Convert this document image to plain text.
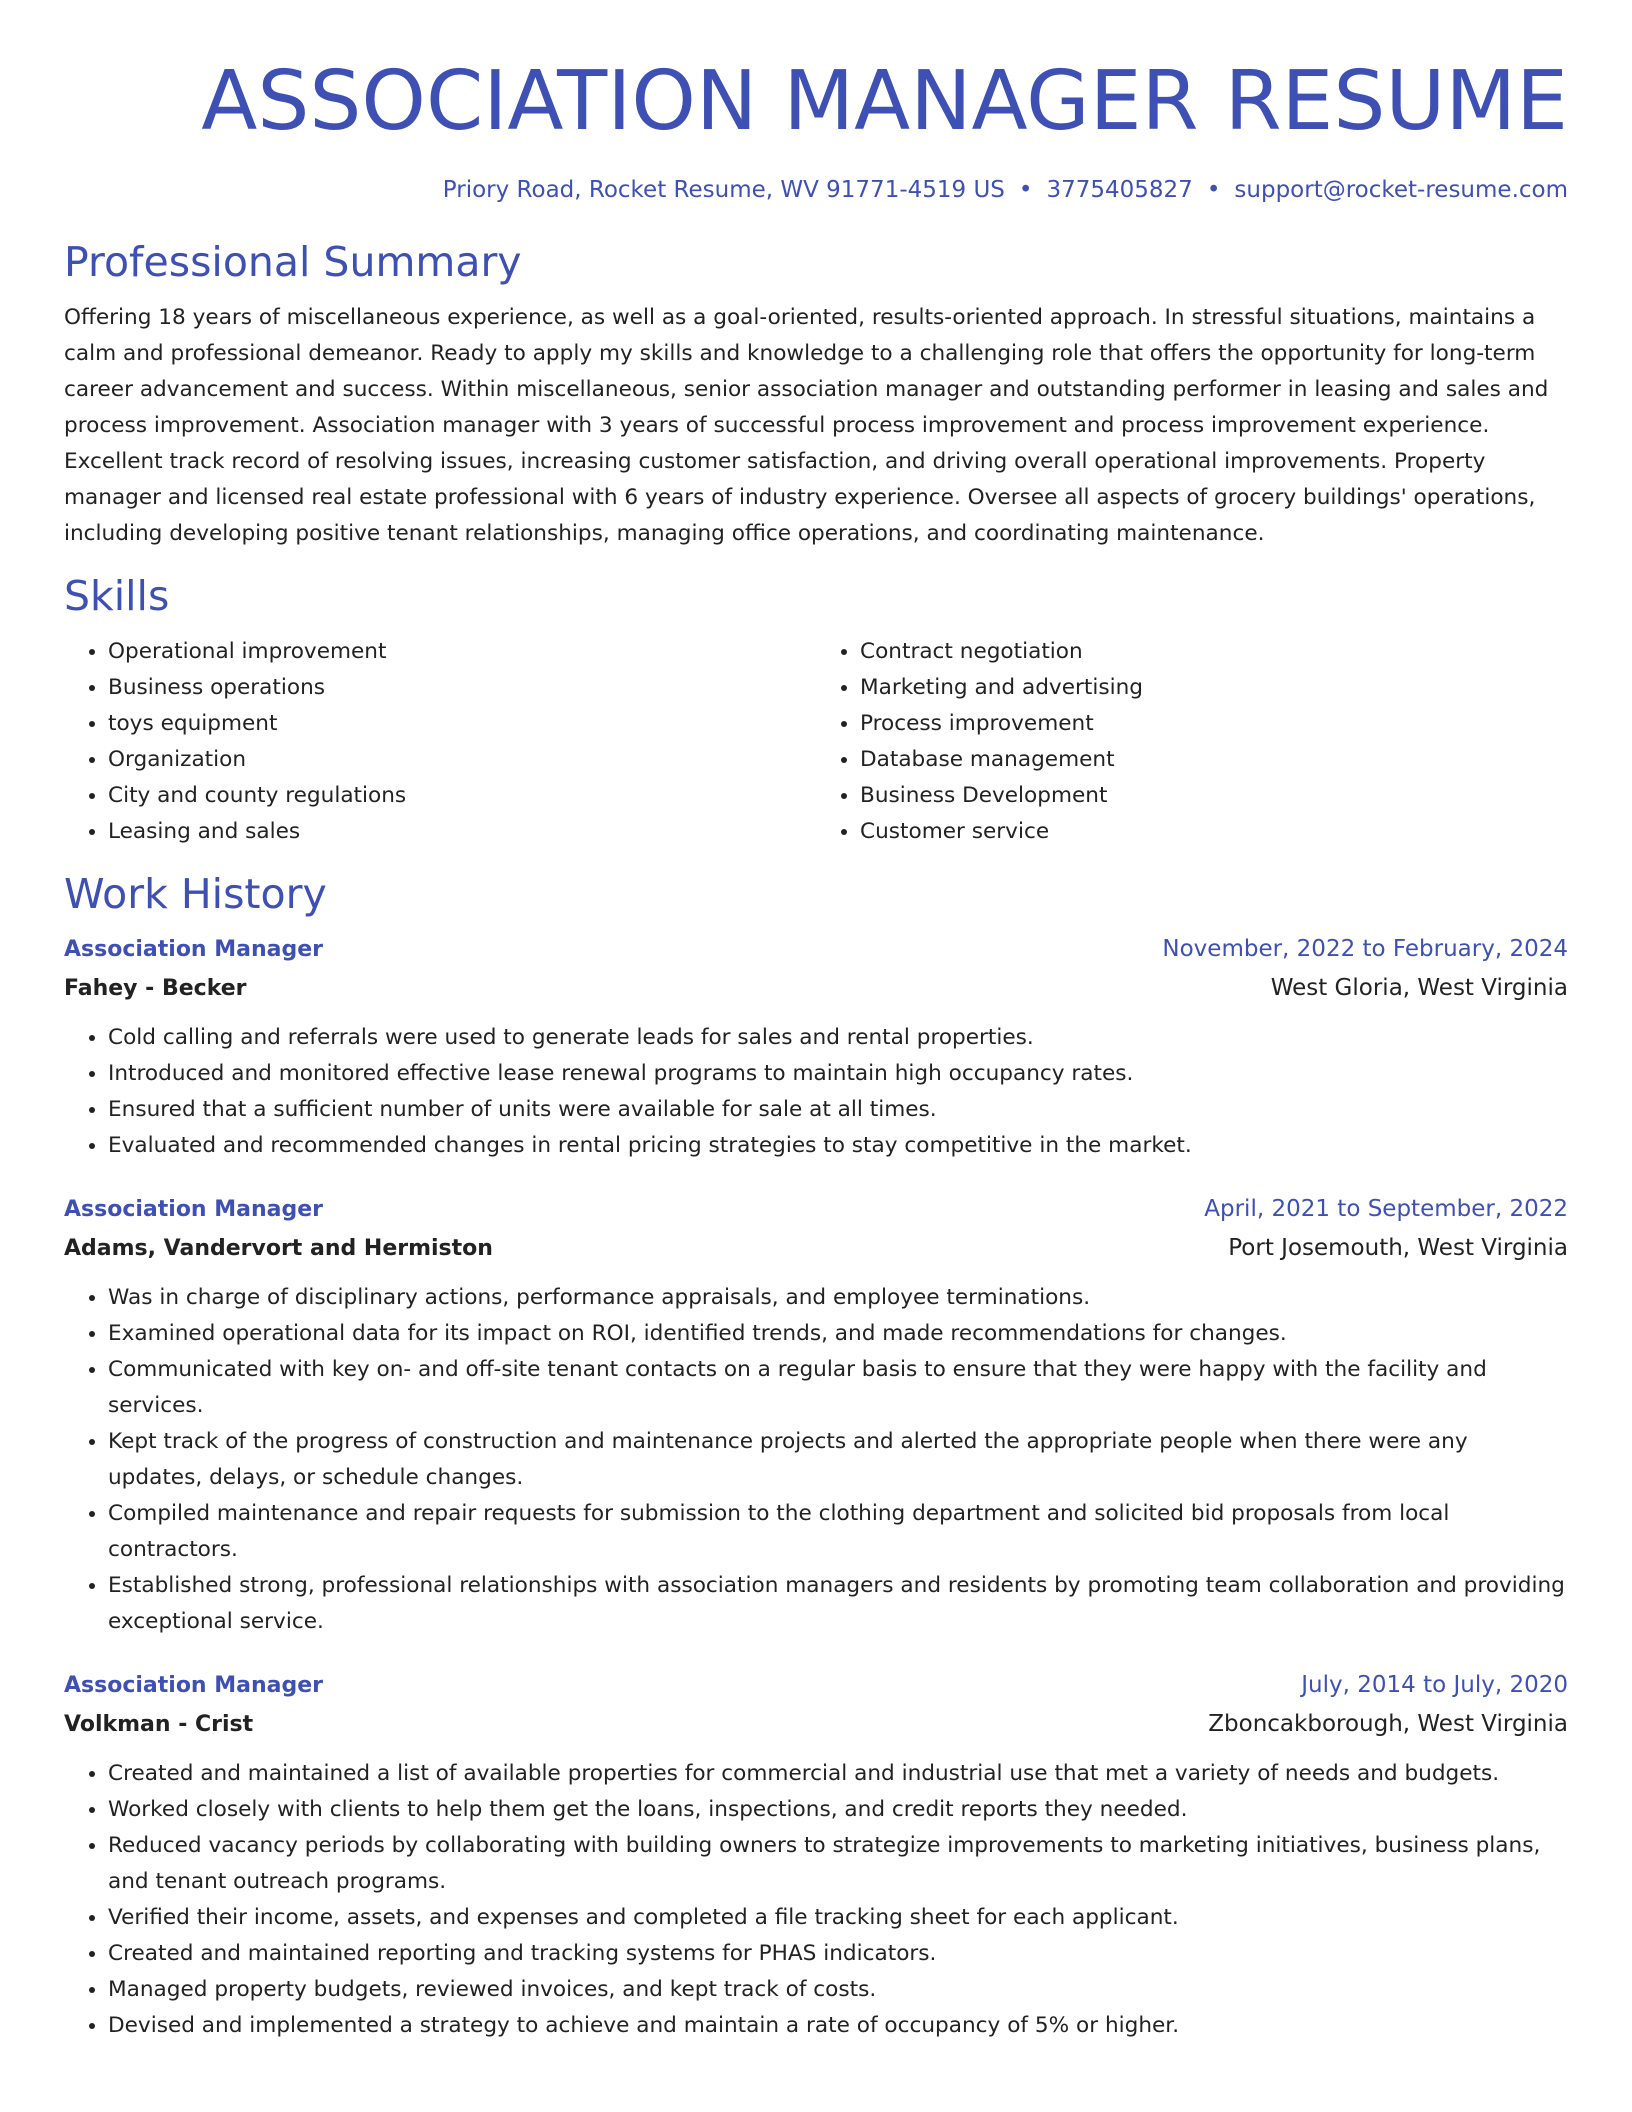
ASSOCIATION MANAGER RESUME
Priory Road, Rocket Resume, WV 91771-4519 US • 3775405827 • support@rocket-resume.com
Professional Summary

Offering 18 years of miscellaneous experience, as well as a goal-oriented, results-oriented approach. In stressful situations, maintains a calm and professional demeanor. Ready to apply my skills and knowledge to a challenging role that offers the opportunity for long-term career advancement and success. Within miscellaneous, senior association manager and outstanding performer in leasing and sales and process improvement. Association manager with 3 years of successful process improvement and process improvement experience. Excellent track record of resolving issues, increasing customer satisfaction, and driving overall operational improvements. Property manager and licensed real estate professional with 6 years of industry experience. Oversee all aspects of grocery buildings' operations, including developing positive tenant relationships, managing office operations, and coordinating maintenance.

Skills
• Operational improvement
• Business operations
• toys equipment
• Organization
• City and county regulations
• Leasing and sales
• Contract negotiation
• Marketing and advertising
• Process improvement
• Database management
• Business Development
• Customer service
Work History
Association Manager	November, 2022 to February, 2024
Fahey - Becker	West Gloria, West Virginia
• Cold calling and referrals were used to generate leads for sales and rental properties.
• Introduced and monitored effective lease renewal programs to maintain high occupancy rates.
• Ensured that a sufficient number of units were available for sale at all times.
• Evaluated and recommended changes in rental pricing strategies to stay competitive in the market.
Association Manager	April, 2021 to September, 2022
Adams, Vandervort and Hermiston	Port Josemouth, West Virginia
• Was in charge of disciplinary actions, performance appraisals, and employee terminations.
• Examined operational data for its impact on ROI, identified trends, and made recommendations for changes.
• Communicated with key on- and off-site tenant contacts on a regular basis to ensure that they were happy with the facility and services.
• Kept track of the progress of construction and maintenance projects and alerted the appropriate people when there were any updates, delays, or schedule changes.
• Compiled maintenance and repair requests for submission to the clothing department and solicited bid proposals from local contractors.
• Established strong, professional relationships with association managers and residents by promoting team collaboration and providing exceptional service.
Association Manager	July, 2014 to July, 2020
Volkman - Crist	Zboncakborough, West Virginia
• Created and maintained a list of available properties for commercial and industrial use that met a variety of needs and budgets.
• Worked closely with clients to help them get the loans, inspections, and credit reports they needed.
• Reduced vacancy periods by collaborating with building owners to strategize improvements to marketing initiatives, business plans, and tenant outreach programs.
• Verified their income, assets, and expenses and completed a file tracking sheet for each applicant.
• Created and maintained reporting and tracking systems for PHAS indicators.
• Managed property budgets, reviewed invoices, and kept track of costs.
• Devised and implemented a strategy to achieve and maintain a rate of occupancy of 5% or higher.
